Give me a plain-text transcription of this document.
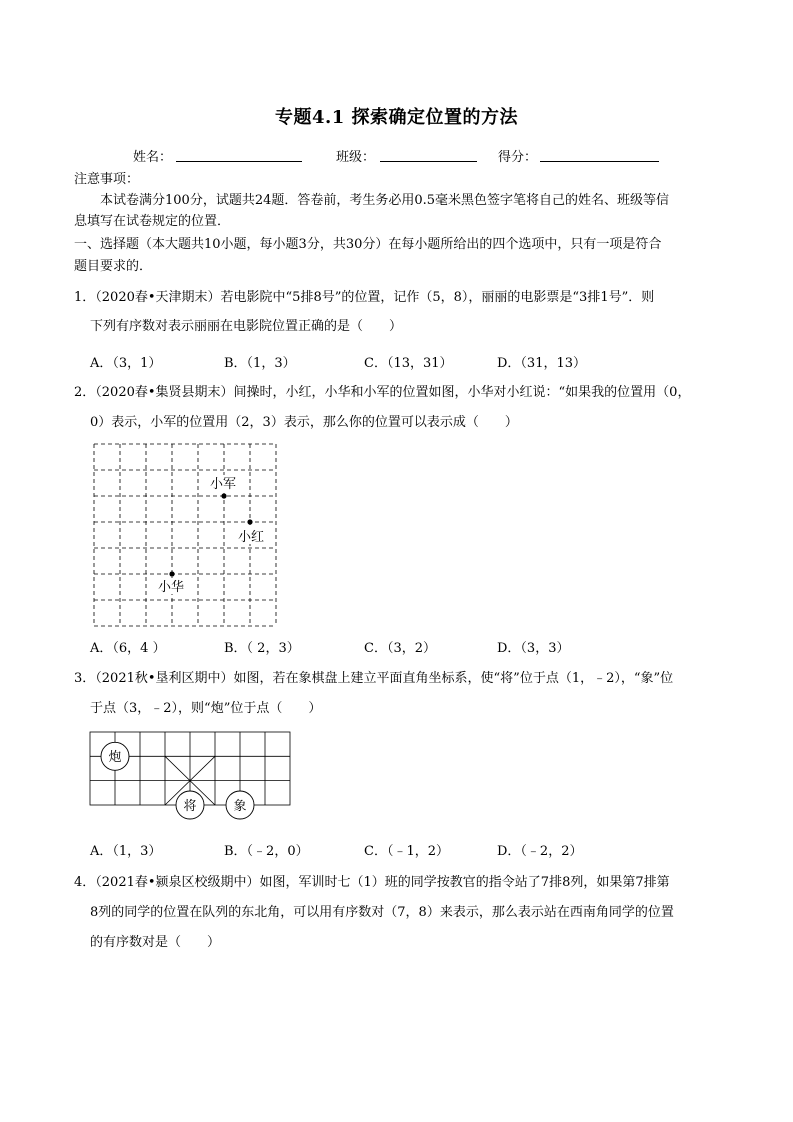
专题4.1 探索确定位置的方法
姓名：	班级：	得分：
注意事项：
本试卷满分100分，试题共24题．答卷前，考生务必用0.5毫米黑色签字笔将自己的姓名、班级等信
息填写在试卷规定的位置．
一、选择题（本大题共10小题，每小题3分，共30分）在每小题所给出的四个选项中，只有一项是符合
题目要求的．
1．（2020春•天津期末）若电影院中“5排8号”的位置，记作（5，8），丽丽的电影票是“3排1号”．则
下列有序数对表示丽丽在电影院位置正确的是（　　）
A．（3，1）	B．（1，3）	C．（13，31）	D．（31，13）
2．（2020春•集贤县期末）间操时，小红，小华和小军的位置如图，小华对小红说：“如果我的位置用（0，
0）表示，小军的位置用（2，3）表示，那么你的位置可以表示成（　　）
小军
小红
小华
A．（6，4 ）	B．（ 2，3）	C．（3，2）	D．（3，3）
3．（2021秋•垦利区期中）如图，若在象棋盘上建立平面直角坐标系，使“将”位于点（1，﹣2），“象”位
于点（3，﹣2），则“炮”位于点（　　）
炮
将	象
A．（1，3）	B．（﹣2，0）	C．（﹣1，2）	D．（﹣2，2）
4．（2021春•颍泉区校级期中）如图，军训时七（1）班的同学按教官的指令站了7排8列，如果第7排第
8列的同学的位置在队列的东北角，可以用有序数对（7，8）来表示，那么表示站在西南角同学的位置
的有序数对是（　　）
